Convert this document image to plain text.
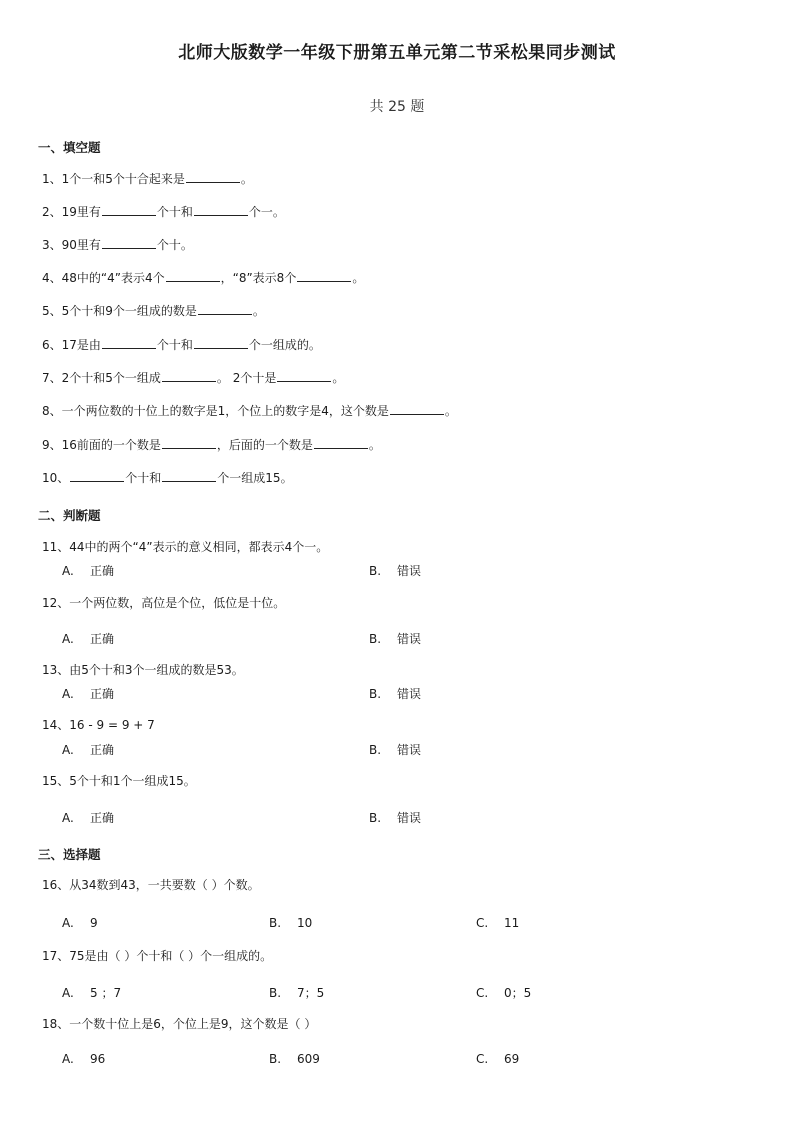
北师大版数学一年级下册第五单元第二节采松果同步测试
共 25 题
一、填空题
1、1个一和5个十合起来是	。
2、19里有	个十和	个一。
3、90里有	个十。
4、48中的“4”表示4个	，“8”表示8个	。
5、5个十和9个一组成的数是	。
6、17是由	个十和	个一组成的。
7、2个十和5个一组成	。 2个十是	。
8、一个两位数的十位上的数字是1，个位上的数字是4，这个数是	。
9、16前面的一个数是	，后面的一个数是	。
10、	个十和	个一组成15。
二、判断题
11、44中的两个“4”表示的意义相同，都表示4个一。
A. 正确	B. 错误
12、一个两位数，高位是个位，低位是十位。
A. 正确	B. 错误
13、由5个十和3个一组成的数是53。
A. 正确	B. 错误
14、16 - 9 = 9 + 7
A. 正确	B. 错误
15、5个十和1个一组成15。
A. 正确	B. 错误
三、选择题
16、从34数到43，一共要数（ ）个数。
A. 9	B. 10	C. 11
17、75是由（ ）个十和（ ）个一组成的。
A. 5 ；7	B. 7；5	C. 0；5
18、一个数十位上是6，个位上是9，这个数是（ ）
A. 96	B. 609	C. 69
